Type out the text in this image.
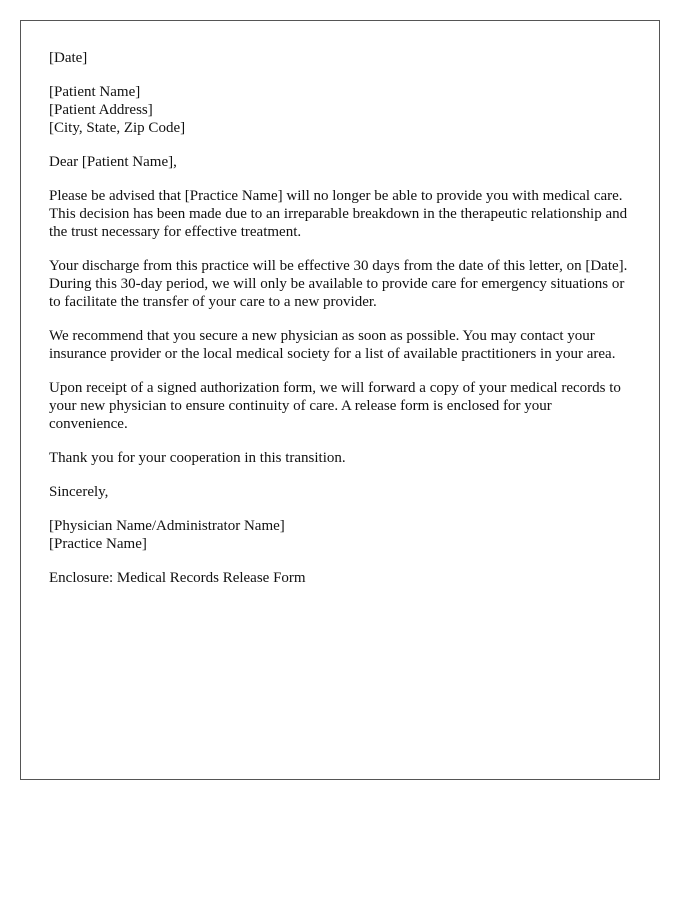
[Date]
[Patient Name]
[Patient Address]
[City, State, Zip Code]

Dear [Patient Name],

Please be advised that [Practice Name] will no longer be able to provide you with medical care. This decision has been made due to an irreparable breakdown in the therapeutic relationship and the trust necessary for effective treatment.

Your discharge from this practice will be effective 30 days from the date of this letter, on [Date]. During this 30-day period, we will only be available to provide care for emergency situations or to facilitate the transfer of your care to a new provider.

We recommend that you secure a new physician as soon as possible. You may contact your insurance provider or the local medical society for a list of available practitioners in your area.

Upon receipt of a signed authorization form, we will forward a copy of your medical records to your new physician to ensure continuity of care. A release form is enclosed for your convenience.

Thank you for your cooperation in this transition.

Sincerely,

[Physician Name/Administrator Name]
[Practice Name]
Enclosure: Medical Records Release Form
